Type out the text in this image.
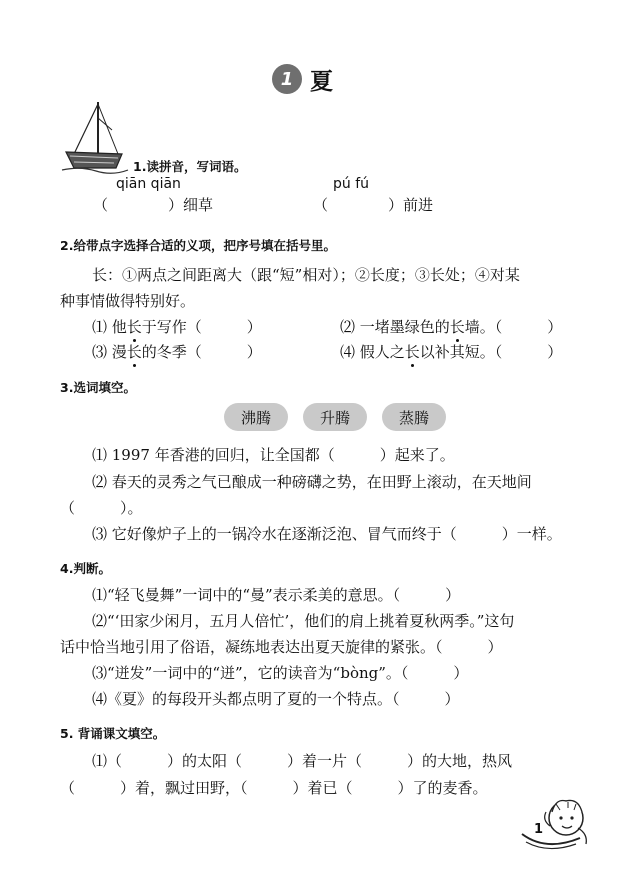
1 夏
1.读拼音，写词语。
qiān qiān	pú fú
（　　　　）细草	（　　　　）前进
2.给带点字选择合适的义项，把序号填在括号里。
长：①两点之间距离大（跟“短”相对）；②长度；③长处；④对某
种事情做得特别好。
⑴ 他长于写作（　　　）	⑵ 一堵墨绿色的长墙。（　　　）
⑶ 漫长的冬季（　　　）	⑷ 假人之长以补其短。（　　　）
3.选词填空。
沸腾	升腾	蒸腾
⑴ 1997 年香港的回归，让全国都（　　　）起来了。
⑵ 春天的灵秀之气已酿成一种磅礴之势，在田野上滚动，在天地间
（　　　）。
⑶ 它好像炉子上的一锅冷水在逐渐泛泡、冒气而终于（　　　）一样。
4.判断。
⑴“轻飞曼舞”一词中的“曼”表示柔美的意思。（　　　）
⑵“‘田家少闲月，五月人倍忙’，他们的肩上挑着夏秋两季。”这句
话中恰当地引用了俗语，凝练地表达出夏天旋律的紧张。（　　　）
⑶“迸发”一词中的“迸”，它的读音为“bòng”。（　　　）
⑷《夏》的每段开头都点明了夏的一个特点。（　　　）
5. 背诵课文填空。
⑴（　　　）的太阳（　　　）着一片（　　　）的大地，热风
（　　　）着，飘过田野，（　　　）着已（　　　）了的麦香。
1
